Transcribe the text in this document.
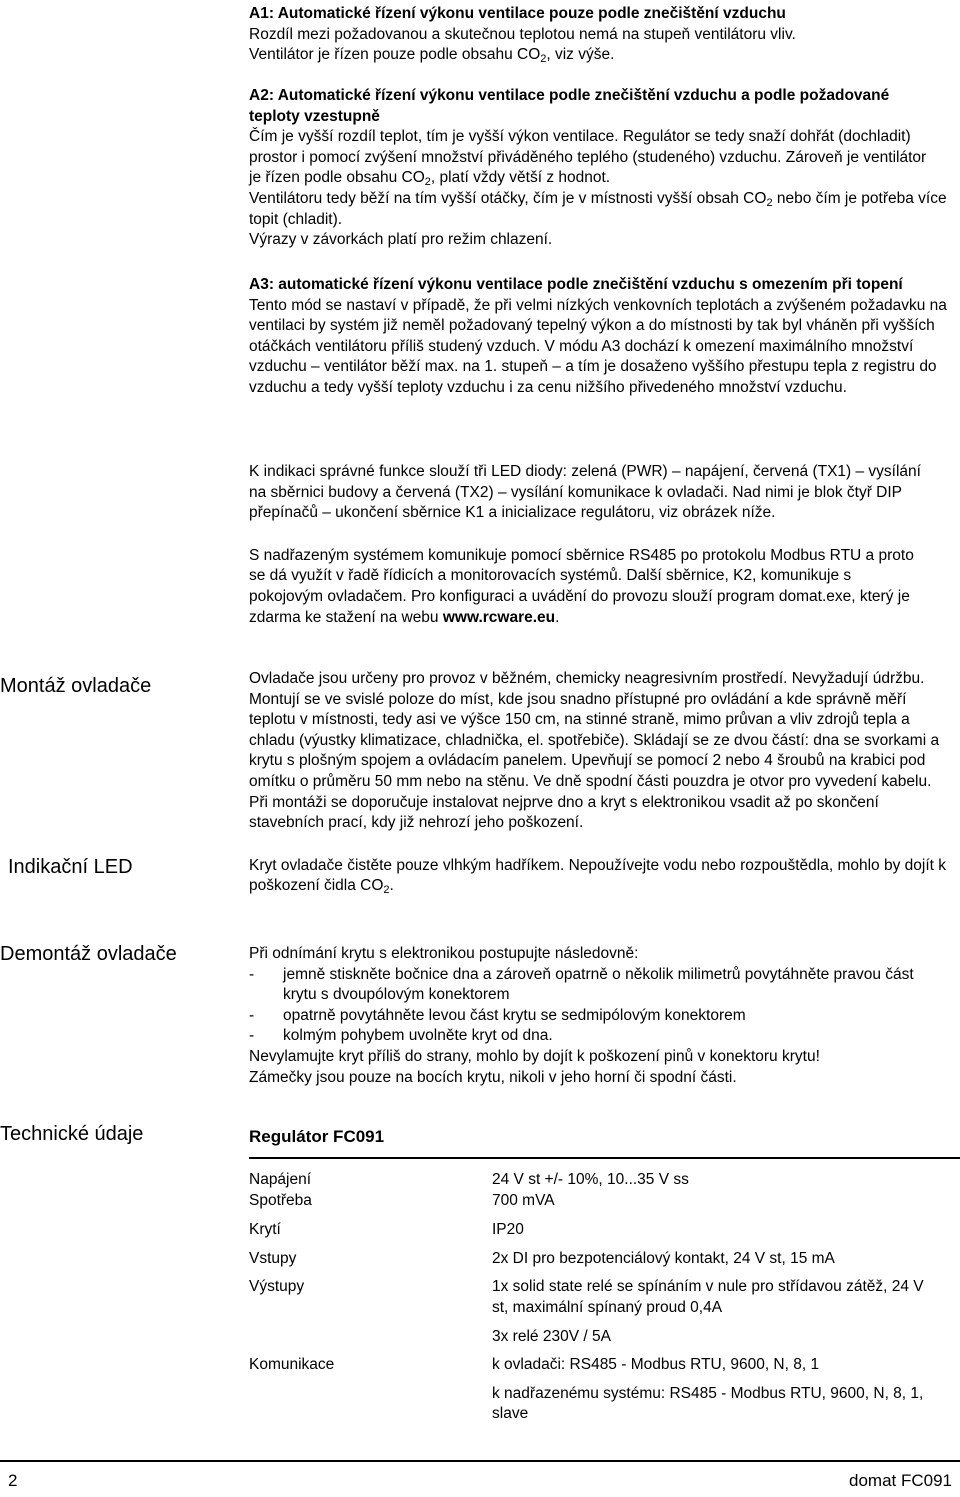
A1: Automatické řízení výkonu ventilace pouze podle znečištění vzduchu

Rozdíl mezi požadovanou a skutečnou teplotou nemá na stupeň ventilátoru vliv.

Ventilátor je řízen pouze podle obsahu $CO_2$, viz výše.

A2: Automatické řízení výkonu ventilace podle znečištění vzduchu a podle požadované teploty vzestupně

Čím je vyšší rozdíl teplot, tím je vyšší výkon ventilace. Regulátor se tedy snaží dohřát (dochladit) prostor i pomocí zvýšení množství přiváděného teplého (studeného) vzduchu. Zároveň je ventilátor je řízen podle obsahu $CO_2$, platí vždy větší z hodnot.

Ventilátoru tedy běží na tím vyšší otáčky, čím je v místnosti vyšší obsah $CO_2$ nebo čím je potřeba více topit (chladit).

Výrazy v závorkách platí pro režim chlazení.

A3: automatické řízení výkonu ventilace podle znečištění vzduchu s omezením při topení

Tento mód se nastaví v případě, že při velmi nízkých venkovních teplotách a zvýšeném požadavku na ventilaci by systém již neměl požadovaný tepelný výkon a do místnosti by tak byl vháněn při vyšších otáčkách ventilátoru příliš studený vzduch. V módu A3 dochází k omezení maximálního množství vzduchu – ventilátor běží max. na 1. stupeň – a tím je dosaženo vyššího přestupu tepla z registru do vzduchu a tedy vyšší teploty vzduchu i za cenu nižšího přivedeného množství vzduchu.

Indikační LED

K indikaci správné funkce slouží tři LED diody: zelená (PWR) – napájení, červená (TX1) – vysílání na sběrnici budovy a červená (TX2) – vysílání komunikace k ovladači. Nad nimi je blok čtyř DIP přepínačů – ukončení sběrnice K1 a inicializace regulátoru, viz obrázek níže.

S nadřazeným systémem komunikuje pomocí sběrnice RS485 po protokolu Modbus RTU a proto se dá využít v řadě řídicích a monitorovacích systémů. Další sběrnice, K2, komunikuje s pokojovým ovladačem. Pro konfiguraci a uvádění do provozu slouží program domat.exe, který je zdarma ke stažení na webu www.rcware.eu.

Montáž ovladače	Ovladače jsou určeny pro provoz v běžném, chemicky neagresivním prostředí. Nevyžadují údržbu. Montují se ve svislé poloze do míst, kde jsou snadno přístupné pro ovládání a kde správně měří teplotu v místnosti, tedy asi ve výšce 150 cm, na stinné straně, mimo průvan a vliv zdrojů tepla a chladu (výustky klimatizace, chladnička, el. spotřebiče). Skládají se ze dvou částí: dna se svorkami a krytu s plošným spojem a ovládacím panelem. Upevňují se pomocí 2 nebo 4 šroubů na krabici pod omítku o průměru 50 mm nebo na stěnu. Ve dně spodní části pouzdra je otvor pro vyvedení kabelu. Při montáži se doporučuje instalovat nejprve dno a kryt s elektronikou vsadit až po skončení stavebních prací, kdy již nehrozí jeho poškození.

Kryt ovladače čistěte pouze vlhkým hadříkem. Nepoužívejte vodu nebo rozpouštědla, mohlo by dojít k poškození čidla $CO_2$.

Demontáž ovladače	Při odnímání krytu s elektronikou postupujte následovně:

- jemně stiskněte bočnice dna a zároveň opatrně o několik milimetrů povytáhněte pravou část krytu s dvoupólovým konektorem
- opatrně povytáhněte levou část krytu se sedmipólovým konektorem
- kolmým pohybem uvolněte kryt od dna.

Nevylamujte kryt příliš do strany, mohlo by dojít k poškození pinů v konektoru krytu!

Zámečky jsou pouze na bocích krytu, nikoli v jeho horní či spodní části.

Technické údaje	Regulátor FC091
Napájení	24 V st +/- 10%, 10...35 V ss
Spotřeba	700 mVA
Krytí	IP20
Vstupy	2x DI pro bezpotenciálový kontakt, 24 V st, 15 mA
Výstupy	1x solid state relé se spínáním v nule pro střídavou zátěž, 24 V st, maximální spínaný proud 0,4A
3x relé 230V / 5A
Komunikace	k ovladači: RS485 - Modbus RTU, 9600, N, 8, 1
k nadřazenému systému: RS485 - Modbus RTU, 9600, N, 8, 1, slave
2	domat FC091
